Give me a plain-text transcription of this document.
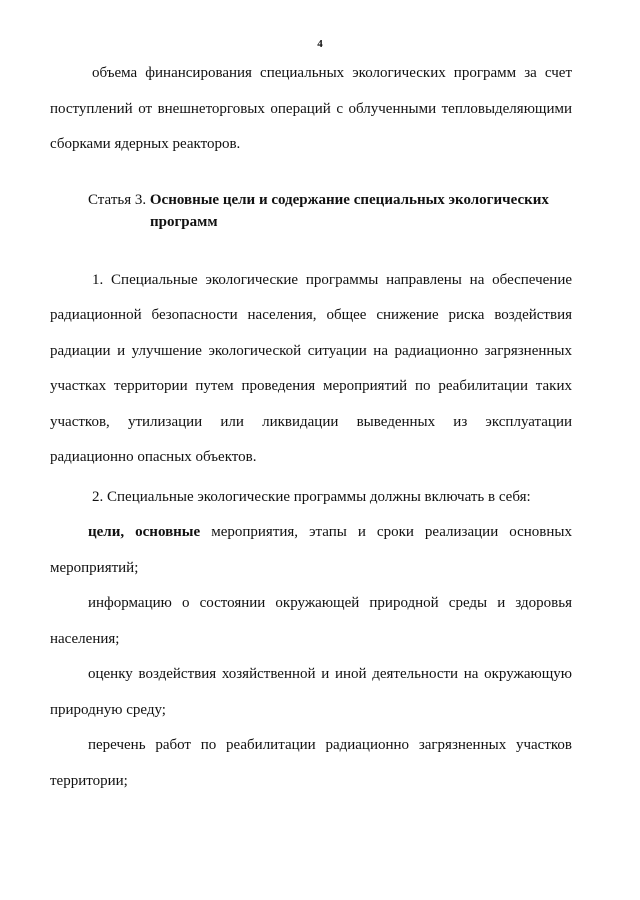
4

объема финансирования специальных экологических программ за счет поступлений от внешнеторговых операций с облученными тепловыделяющими сборками ядерных реакторов.

Статья 3. Основные цели и содержание специальных экологических
программ

1. Специальные экологические программы направлены на обеспечение радиационной безопасности населения, общее снижение риска воздействия радиации и улучшение экологической ситуации на радиационно загрязненных участках территории путем проведения мероприятий по реабилитации таких участков, утилизации или ликвидации выведенных из эксплуатации радиационно опасных объектов.

2. Специальные экологические программы должны включать в себя:

цели, основные мероприятия, этапы и сроки реализации основных мероприятий;

информацию о состоянии окружающей природной среды и здоровья населения;

оценку воздействия хозяйственной и иной деятельности на окружающую природную среду;

перечень работ по реабилитации радиационно загрязненных участков территории;
